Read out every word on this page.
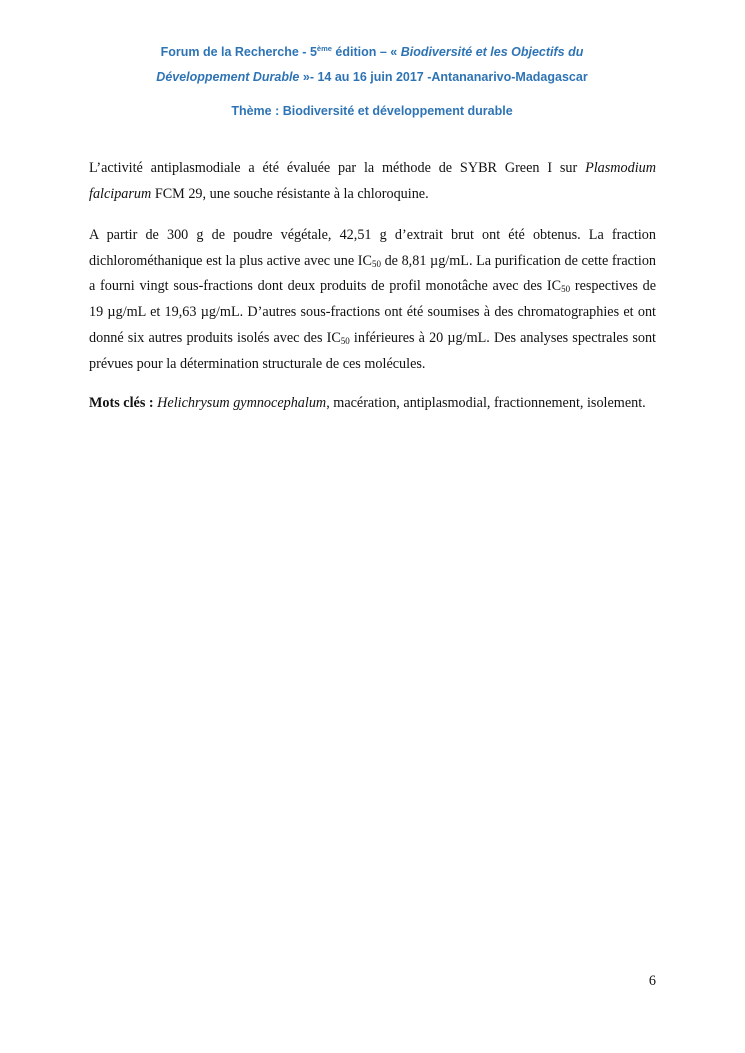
Forum de la Recherche - 5ème édition – « Biodiversité et les Objectifs du
Développement Durable »- 14 au 16 juin 2017 -Antananarivo-Madagascar
Thème : Biodiversité et développement durable

L’activité antiplasmodiale a été évaluée par la méthode de SYBR Green I sur Plasmodium falciparum FCM 29, une souche résistante à la chloroquine.

A partir de 300 g de poudre végétale, 42,51 g d’extrait brut ont été obtenus. La fraction dichlorométhanique est la plus active avec une $IC_{50}$ de 8,81 µg/mL. La purification de cette fraction a fourni vingt sous-fractions dont deux produits de profil monotâche avec des $IC_{50}$ respectives de 19 µg/mL et 19,63 µg/mL. D’autres sous-fractions ont été soumises à des chromatographies et ont donné six autres produits isolés avec des $IC_{50}$ inférieures à 20 µg/mL. Des analyses spectrales sont prévues pour la détermination structurale de ces molécules.

Mots clés : Helichrysum gymnocephalum, macération, antiplasmodial, fractionnement, isolement.

6
